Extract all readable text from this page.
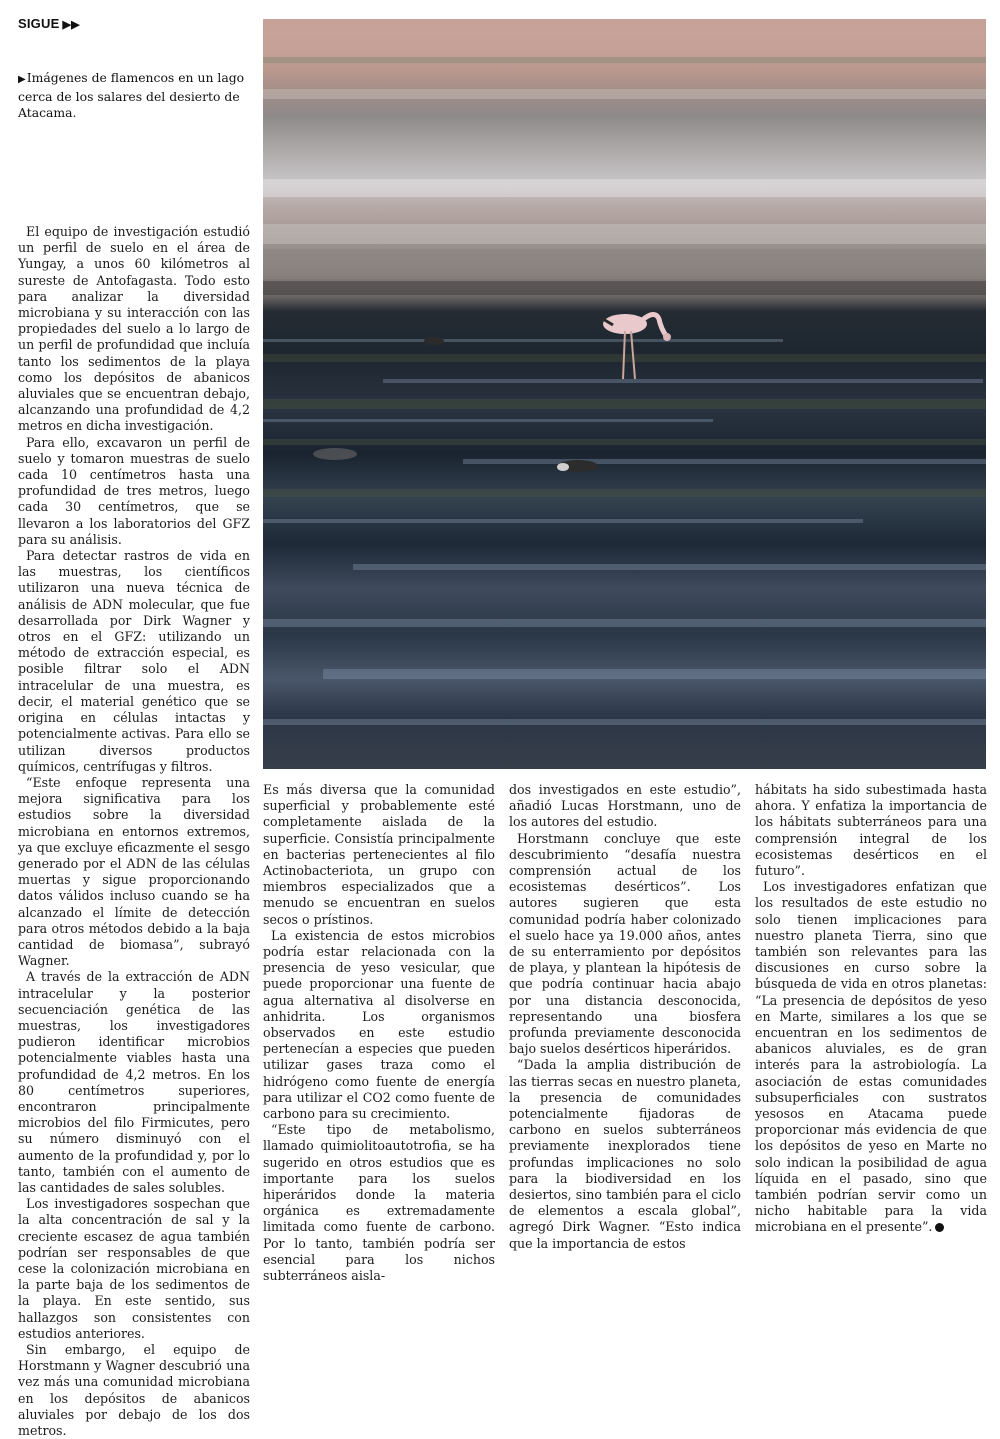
SIGUE ▶▶
▶Imágenes de flamencos en un lago cerca de los salares del desierto de Atacama.

El equipo de investigación estudió un perfil de suelo en el área de Yungay, a unos 60 kilómetros al sureste de Antofagasta. Todo esto para analizar la diversidad microbiana y su interacción con las propiedades del suelo a lo largo de un perfil de profundidad que incluía tanto los sedimentos de la playa como los depósitos de abanicos aluviales que se encuentran debajo, alcanzando una profundidad de 4,2 metros en dicha investigación.

Para ello, excavaron un perfil de suelo y tomaron muestras de suelo cada 10 centímetros hasta una profundidad de tres metros, luego cada 30 centímetros, que se llevaron a los laboratorios del GFZ para su análisis.

Para detectar rastros de vida en las muestras, los científicos utilizaron una nueva técnica de análisis de ADN molecular, que fue desarrollada por Dirk Wagner y otros en el GFZ: utilizando un método de extracción especial, es posible filtrar solo el ADN intracelular de una muestra, es decir, el material genético que se origina en células intactas y potencialmente activas. Para ello se utilizan diversos productos químicos, centrífugas y filtros.

“Este enfoque representa una mejora significativa para los estudios sobre la diversidad microbiana en entornos extremos, ya que excluye eficazmente el sesgo generado por el ADN de las células muertas y sigue proporcionando datos válidos incluso cuando se ha alcanzado el límite de detección para otros métodos debido a la baja cantidad de biomasa”, subrayó Wagner.

A través de la extracción de ADN intracelular y la posterior secuenciación genética de las muestras, los investigadores pudieron identificar microbios potencialmente viables hasta una profundidad de 4,2 metros. En los 80 centímetros superiores, encontraron principalmente microbios del filo Firmicutes, pero su número disminuyó con el aumento de la profundidad y, por lo tanto, también con el aumento de las cantidades de sales solubles.

Los investigadores sospechan que la alta concentración de sal y la creciente escasez de agua también podrían ser responsables de que cese la colonización microbiana en la parte baja de los sedimentos de la playa. En este sentido, sus hallazgos son consistentes con estudios anteriores.

Sin embargo, el equipo de Horstmann y Wagner descubrió una vez más una comunidad microbiana en los depósitos de abanicos aluviales por debajo de los dos metros.

Es más diversa que la comunidad superficial y probablemente esté completamente aislada de la superficie. Consistía principalmente en bacterias pertenecientes al filo Actinobacteriota, un grupo con miembros especializados que a menudo se encuentran en suelos secos o prístinos.

La existencia de estos microbios podría estar relacionada con la presencia de yeso vesicular, que puede proporcionar una fuente de agua alternativa al disolverse en anhidrita. Los organismos observados en este estudio pertenecían a especies que pueden utilizar gases traza como el hidrógeno como fuente de energía para utilizar el CO2 como fuente de carbono para su crecimiento.

“Este tipo de metabolismo, llamado quimiolitoautotrofia, se ha sugerido en otros estudios que es importante para los suelos hiperáridos donde la materia orgánica es extremadamente limitada como fuente de carbono. Por lo tanto, también podría ser esencial para los nichos subterráneos aisla-

dos investigados en este estudio”, añadió Lucas Horstmann, uno de los autores del estudio.

Horstmann concluye que este descubrimiento “desafía nuestra comprensión actual de los ecosistemas desérticos”. Los autores sugieren que esta comunidad podría haber colonizado el suelo hace ya 19.000 años, antes de su enterramiento por depósitos de playa, y plantean la hipótesis de que podría continuar hacia abajo por una distancia desconocida, representando una biosfera profunda previamente desconocida bajo suelos desérticos hiperáridos.

“Dada la amplia distribución de las tierras secas en nuestro planeta, la presencia de comunidades potencialmente fijadoras de carbono en suelos subterráneos previamente inexplorados tiene profundas implicaciones no solo para la biodiversidad en los desiertos, sino también para el ciclo de elementos a escala global”, agregó Dirk Wagner. “Esto indica que la importancia de estos

hábitats ha sido subestimada hasta ahora. Y enfatiza la importancia de los hábitats subterráneos para una comprensión integral de los ecosistemas desérticos en el futuro”.

Los investigadores enfatizan que los resultados de este estudio no solo tienen implicaciones para nuestro planeta Tierra, sino que también son relevantes para las discusiones en curso sobre la búsqueda de vida en otros planetas: “La presencia de depósitos de yeso en Marte, similares a los que se encuentran en los sedimentos de abanicos aluviales, es de gran interés para la astrobiología. La asociación de estas comunidades subsuperficiales con sustratos yesosos en Atacama puede proporcionar más evidencia de que los depósitos de yeso en Marte no solo indican la posibilidad de agua líquida en el pasado, sino que también podrían servir como un nicho habitable para la vida microbiana en el presente”.
